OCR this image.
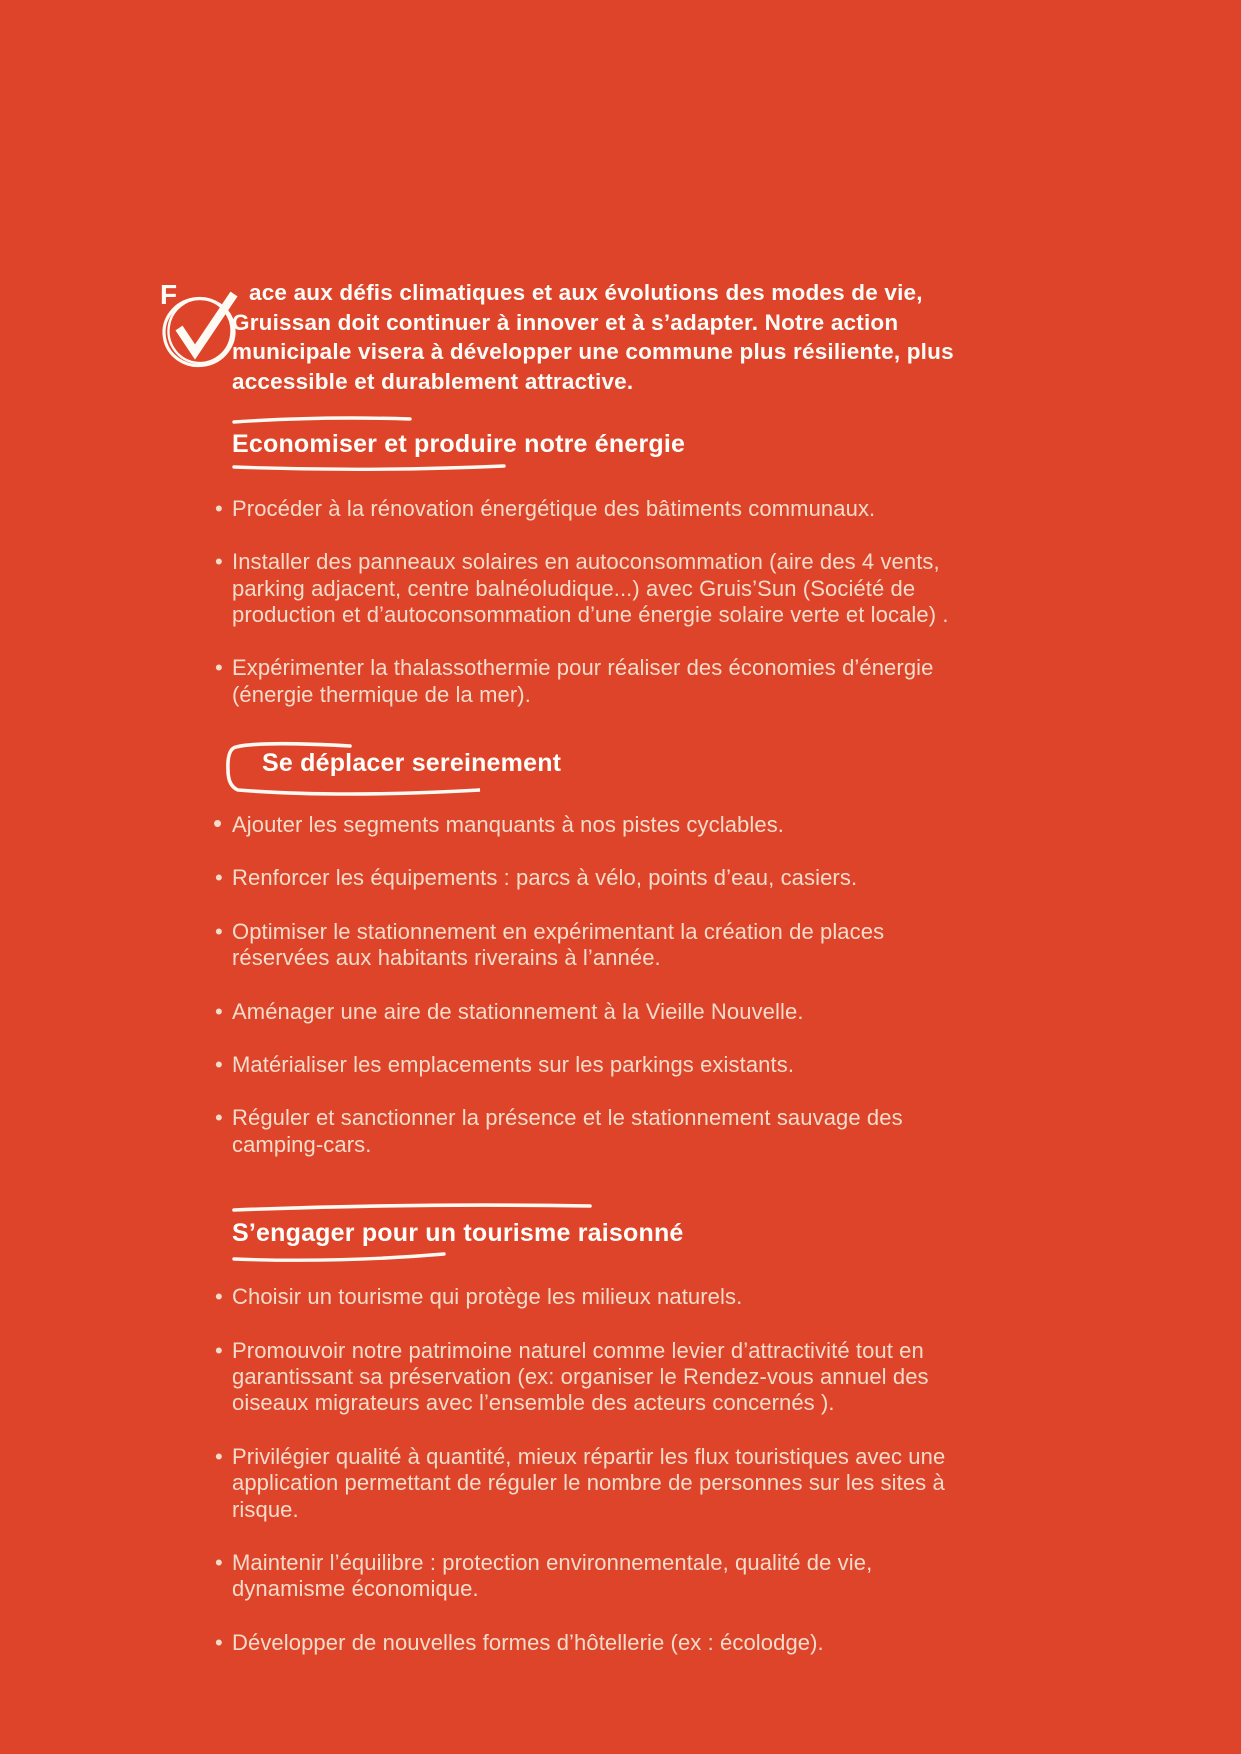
F	ace aux défis climatiques et aux évolutions des modes de vie, Gruissan doit continuer à innover et à s’adapter. Notre action municipale visera à développer une commune plus résiliente, plus accessible et durablement attractive.

Economiser et produire notre énergie
• Procéder à la rénovation énergétique des bâtiments communaux.
• Installer des panneaux solaires en autoconsommation (aire des 4 vents, parking adjacent, centre balnéoludique...) avec Gruis’Sun (Société de production et d’autoconsommation d’une énergie solaire verte et locale) .
• Expérimenter la thalassothermie pour réaliser des économies d’énergie (énergie thermique de la mer).
Se déplacer sereinement
• Ajouter les segments manquants à nos pistes cyclables.
• Renforcer les équipements : parcs à vélo, points d’eau, casiers.
• Optimiser le stationnement en expérimentant la création de places réservées aux habitants riverains à l’année.
• Aménager une aire de stationnement à la Vieille Nouvelle.
• Matérialiser les emplacements sur les parkings existants.
• Réguler et sanctionner la présence et le stationnement sauvage des camping-cars.
S’engager pour un tourisme raisonné
• Choisir un tourisme qui protège les milieux naturels.
• Promouvoir notre patrimoine naturel comme levier d’attractivité tout en garantissant sa préservation (ex: organiser le Rendez-vous annuel des oiseaux migrateurs avec l’ensemble des acteurs concernés ).
• Privilégier qualité à quantité, mieux répartir les flux touristiques avec une application permettant de réguler le nombre de personnes sur les sites à risque.
• Maintenir l’équilibre : protection environnementale, qualité de vie, dynamisme économique.
• Développer de nouvelles formes d’hôtellerie (ex : écolodge).
